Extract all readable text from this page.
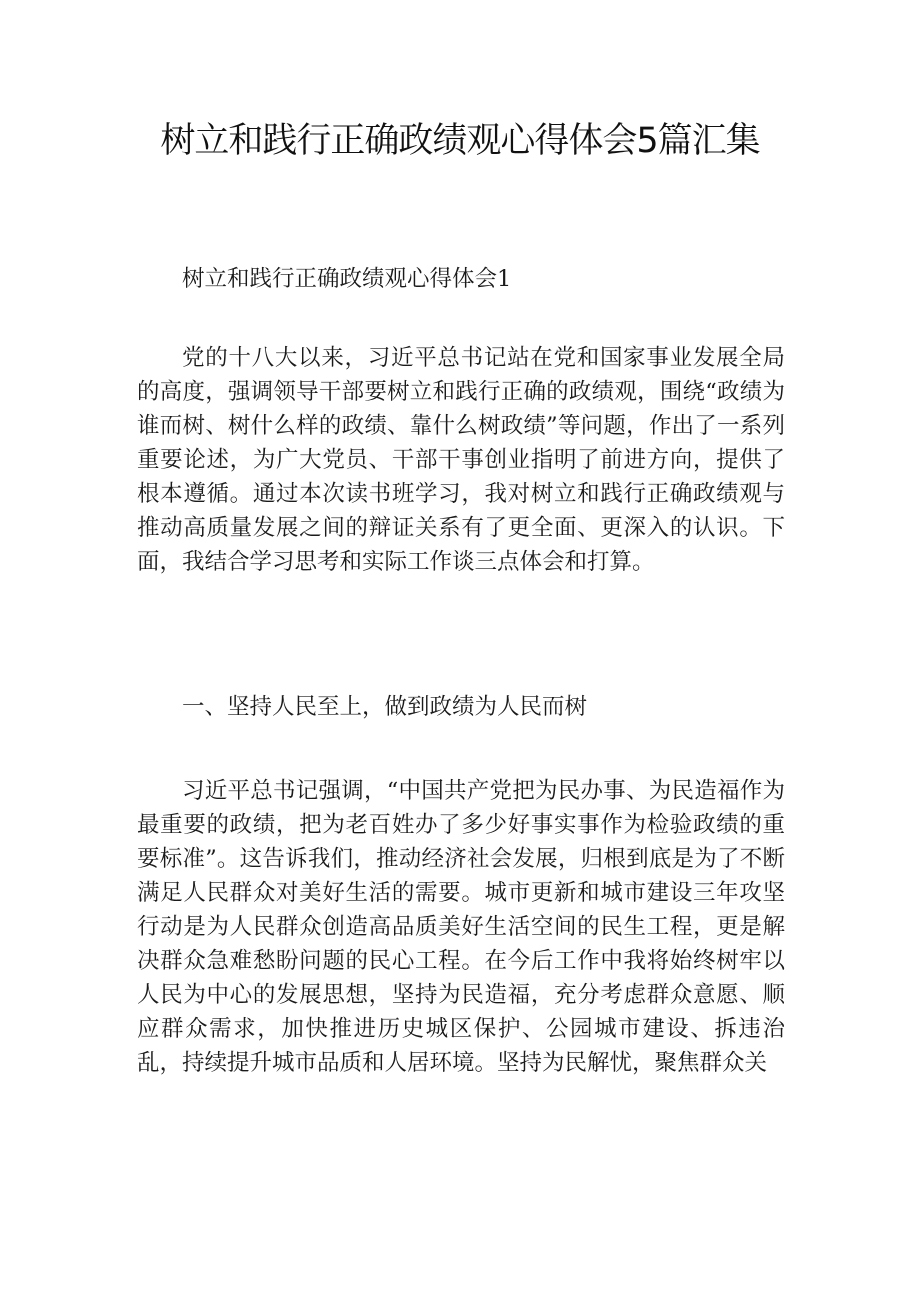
树立和践行正确政绩观心得体会5篇汇集

树立和践行正确政绩观心得体会1

党的十八大以来，习近平总书记站在党和国家事业发展全局的高度，强调领导干部要树立和践行正确的政绩观，围绕“政绩为谁而树、树什么样的政绩、靠什么树政绩”等问题，作出了一系列重要论述，为广大党员、干部干事创业指明了前进方向，提供了根本遵循。通过本次读书班学习，我对树立和践行正确政绩观与推动高质量发展之间的辩证关系有了更全面、更深入的认识。下面，我结合学习思考和实际工作谈三点体会和打算。

一、坚持人民至上，做到政绩为人民而树

习近平总书记强调，“中国共产党把为民办事、为民造福作为最重要的政绩，把为老百姓办了多少好事实事作为检验政绩的重要标准”。这告诉我们，推动经济社会发展，归根到底是为了不断满足人民群众对美好生活的需要。城市更新和城市建设三年攻坚行动是为人民群众创造高品质美好生活空间的民生工程，更是解决群众急难愁盼问题的民心工程。在今后工作中我将始终树牢以人民为中心的发展思想，坚持为民造福，充分考虑群众意愿、顺应群众需求，加快推进历史城区保护、公园城市建设、拆违治乱，持续提升城市品质和人居环境。坚持为民解忧，聚焦群众关
